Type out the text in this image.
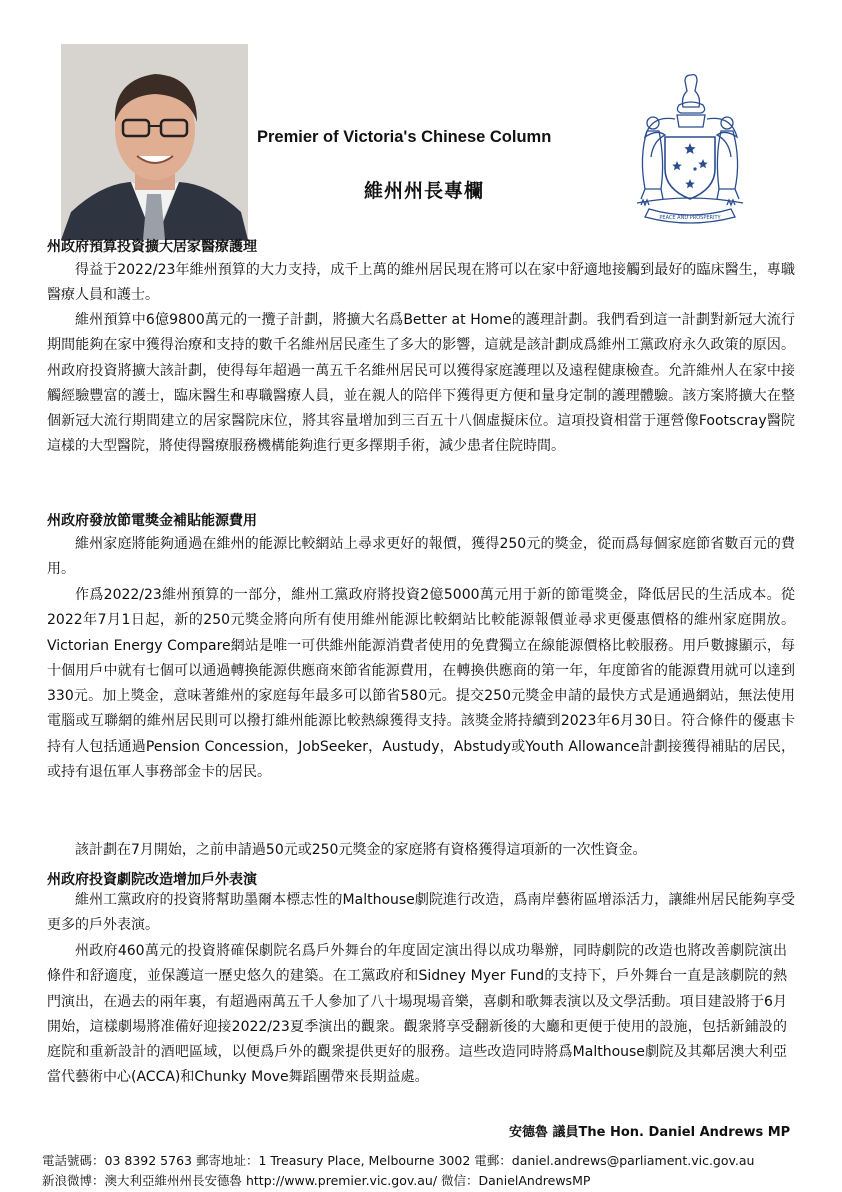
Premier of Victoria's Chinese Column
維州州長專欄
PEACE AND PROSPERITY
州政府預算投資擴大居家醫療護理

得益于2022/23年維州預算的大力支持，成千上萬的維州居民現在將可以在家中舒適地接觸到最好的臨床醫生，專職醫療人員和護士。

維州預算中6億9800萬元的一攬子計劃，將擴大名爲Better at Home的護理計劃。我們看到這一計劃對新冠大流行期間能夠在家中獲得治療和支持的數千名維州居民產生了多大的影響，這就是該計劃成爲維州工黨政府永久政策的原因。州政府投資將擴大該計劃，使得每年超過一萬五千名維州居民可以獲得家庭護理以及遠程健康檢查。允許維州人在家中接觸經驗豐富的護士，臨床醫生和專職醫療人員，並在親人的陪伴下獲得更方便和量身定制的護理體驗。該方案將擴大在整個新冠大流行期間建立的居家醫院床位，將其容量增加到三百五十八個虛擬床位。這項投資相當于運營像Footscray醫院這樣的大型醫院，將使得醫療服務機構能夠進行更多擇期手術，減少患者住院時間。

州政府發放節電獎金補貼能源費用

維州家庭將能夠通過在維州的能源比較網站上尋求更好的報價，獲得250元的獎金，從而爲每個家庭節省數百元的費用。

作爲2022/23維州預算的一部分，維州工黨政府將投資2億5000萬元用于新的節電獎金，降低居民的生活成本。從2022年7月1日起，新的250元獎金將向所有使用維州能源比較網站比較能源報價並尋求更優惠價格的維州家庭開放。Victorian Energy Compare網站是唯一可供維州能源消費者使用的免費獨立在線能源價格比較服務。用戶數據顯示，每十個用戶中就有七個可以通過轉換能源供應商來節省能源費用，在轉換供應商的第一年，年度節省的能源費用就可以達到330元。加上獎金，意味著維州的家庭每年最多可以節省580元。提交250元獎金申請的最快方式是通過網站，無法使用電腦或互聯網的維州居民則可以撥打維州能源比較熱線獲得支持。該獎金將持續到2023年6月30日。符合條件的優惠卡持有人包括通過Pension Concession，JobSeeker，Austudy，Abstudy或Youth Allowance計劃接獲得補貼的居民，或持有退伍軍人事務部金卡的居民。

該計劃在7月開始，之前申請過50元或250元獎金的家庭將有資格獲得這項新的一次性資金。

州政府投資劇院改造增加戶外表演

維州工黨政府的投資將幫助墨爾本標志性的Malthouse劇院進行改造，爲南岸藝術區增添活力，讓維州居民能夠享受更多的戶外表演。

州政府460萬元的投資將確保劇院名爲戶外舞台的年度固定演出得以成功舉辦，同時劇院的改造也將改善劇院演出條件和舒適度，並保護這一歷史悠久的建築。在工黨政府和Sidney Myer Fund的支持下，戶外舞台一直是該劇院的熱門演出，在過去的兩年裏，有超過兩萬五千人參加了八十場現場音樂，喜劇和歌舞表演以及文學活動。項目建設將于6月開始，這樣劇場將准備好迎接2022/23夏季演出的觀衆。觀衆將享受翻新後的大廳和更便于使用的設施，包括新鋪設的庭院和重新設計的酒吧區域，以便爲戶外的觀衆提供更好的服務。這些改造同時將爲Malthouse劇院及其鄰居澳大利亞當代藝術中心(ACCA)和Chunky Move舞蹈團帶來長期益處。

安德魯 議員The Hon. Daniel Andrews MP
電話號碼：03 8392 5763 郵寄地址：1 Treasury Place, Melbourne 3002 電郵：daniel.andrews@parliament.vic.gov.au
新浪微博：澳大利亞維州州長安德魯 http://www.premier.vic.gov.au/ 微信：DanielAndrewsMP
